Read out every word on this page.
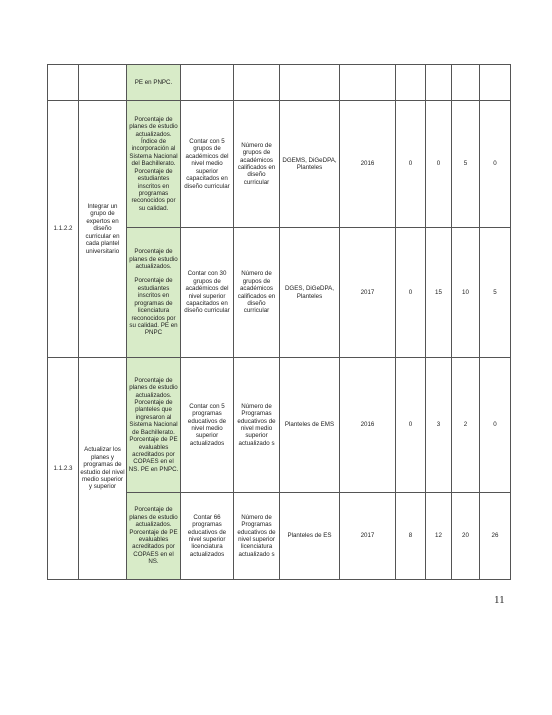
		PE en PNPC.								

1.1.2.2	Integrar un grupo de expertos en diseño curricular en cada plantel universitario	Porcentaje de planes de estudio actualizados. Índice de incorporación al Sistema Nacional del Bachillerato. Porcentaje de estudiantes inscritos en programas reconocidos por su calidad.	Contar con 5 grupos de académicos del nivel medio superior capacitados en diseño curricular	Número de grupos de académicos calificados en diseño curricular	DGEMS, DiGeDPA, Planteles	2016	0	0	5	0

		Porcentaje de planes de estudio actualizados.
Porcentaje de estudiantes inscritos en programas de licenciatura reconocidos por su calidad. PE en PNPC	Contar con 30 grupos de académicos del nivel superior capacitados en diseño curricular	Número de grupos de académicos calificados en diseño curricular	DGES, DiGeDPA, Planteles	2017	0	15	10	5
1.1.2.3	Actualizar los planes y programas de estudio del nivel medio superior y superior	Porcentaje de planes de estudio actualizados. Porcentaje de planteles que ingresaron al Sistema Nacional de Bachillerato. Porcentaje de PE evaluables acreditados por COPAES en el NS. PE en PNPC.	Contar con 5 programas educativos de nivel medio superior actualizados	Número de Programas educativos de nivel medio superior actualizado s	Planteles de EMS	2016	0	3	2	0

		Porcentaje de planes de estudio actualizados. Porcentaje de PE evaluables acreditados por COPAES en el NS.	Contar 66 programas educativos de nivel superior licenciatura actualizados	Número de Programas educativos de nivel superior licenciatura actualizado s	Planteles de ES	2017	8	12	20	26
11
